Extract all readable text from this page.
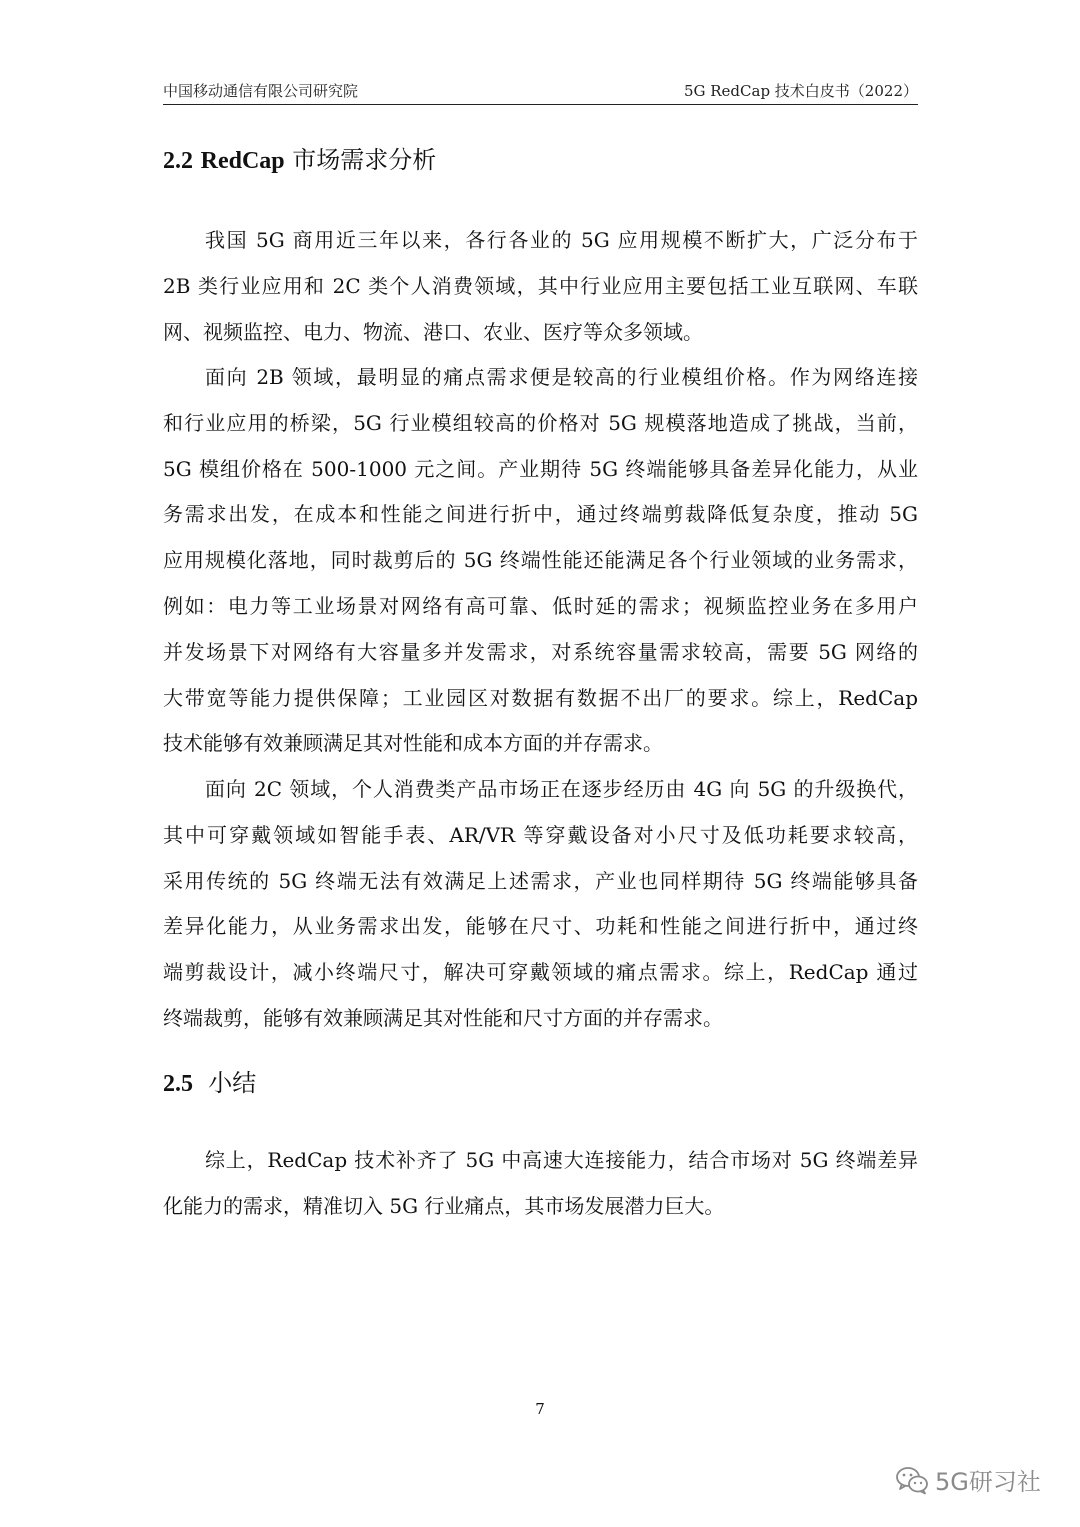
中国移动通信有限公司研究院	5G RedCap 技术白皮书（2022）
2.2 RedCap 市场需求分析
我国 5G 商用近三年以来，各行各业的 5G 应用规模不断扩大，广泛分布于
2B 类行业应用和 2C 类个人消费领域，其中行业应用主要包括工业互联网、车联
网、视频监控、电力、物流、港口、农业、医疗等众多领域。
面向 2B 领域，最明显的痛点需求便是较高的行业模组价格。作为网络连接
和行业应用的桥梁，5G 行业模组较高的价格对 5G 规模落地造成了挑战，当前，
5G 模组价格在 500-1000 元之间。产业期待 5G 终端能够具备差异化能力，从业
务需求出发，在成本和性能之间进行折中，通过终端剪裁降低复杂度，推动 5G
应用规模化落地，同时裁剪后的 5G 终端性能还能满足各个行业领域的业务需求，
例如：电力等工业场景对网络有高可靠、低时延的需求；视频监控业务在多用户
并发场景下对网络有大容量多并发需求，对系统容量需求较高，需要 5G 网络的
大带宽等能力提供保障；工业园区对数据有数据不出厂的要求。综上，RedCap
技术能够有效兼顾满足其对性能和成本方面的并存需求。
面向 2C 领域，个人消费类产品市场正在逐步经历由 4G 向 5G 的升级换代，
其中可穿戴领域如智能手表、AR/VR 等穿戴设备对小尺寸及低功耗要求较高，
采用传统的 5G 终端无法有效满足上述需求，产业也同样期待 5G 终端能够具备
差异化能力，从业务需求出发，能够在尺寸、功耗和性能之间进行折中，通过终
端剪裁设计，减小终端尺寸，解决可穿戴领域的痛点需求。综上，RedCap 通过
终端裁剪，能够有效兼顾满足其对性能和尺寸方面的并存需求。
2.5 小结
综上，RedCap 技术补齐了 5G 中高速大连接能力，结合市场对 5G 终端差异
化能力的需求，精准切入 5G 行业痛点，其市场发展潜力巨大。
7
5G研习社
